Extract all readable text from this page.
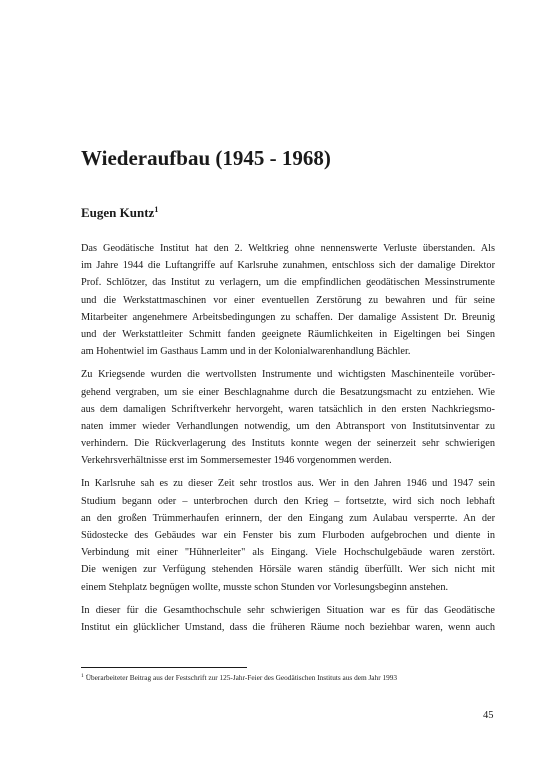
Wiederaufbau (1945 - 1968)
Eugen Kuntz$^1$

Das Geodätische Institut hat den 2. Weltkrieg ohne nennenswerte Verluste überstanden. Als
im Jahre 1944 die Luftangriffe auf Karlsruhe zunahmen, entschloss sich der damalige Direktor
Prof. Schlötzer, das Institut zu verlagern, um die empfindlichen geodätischen Messinstrumente
und die Werkstattmaschinen vor einer eventuellen Zerstörung zu bewahren und für seine
Mitarbeiter angenehmere Arbeitsbedingungen zu schaffen. Der damalige Assistent Dr. Breunig
und der Werkstattleiter Schmitt fanden geeignete Räumlichkeiten in Eigeltingen bei Singen
am Hohentwiel im Gasthaus Lamm und in der Kolonialwarenhandlung Bächler.

Zu Kriegsende wurden die wertvollsten Instrumente und wichtigsten Maschinenteile vorüber-
gehend vergraben, um sie einer Beschlagnahme durch die Besatzungsmacht zu entziehen. Wie
aus dem damaligen Schriftverkehr hervorgeht, waren tatsächlich in den ersten Nachkriegsmo-
naten immer wieder Verhandlungen notwendig, um den Abtransport von Institutsinventar zu
verhindern. Die Rückverlagerung des Instituts konnte wegen der seinerzeit sehr schwierigen
Verkehrsverhältnisse erst im Sommersemester 1946 vorgenommen werden.

In Karlsruhe sah es zu dieser Zeit sehr trostlos aus. Wer in den Jahren 1946 und 1947 sein
Studium begann oder – unterbrochen durch den Krieg – fortsetzte, wird sich noch lebhaft
an den großen Trümmerhaufen erinnern, der den Eingang zum Aulabau versperrte. An der
Südostecke des Gebäudes war ein Fenster bis zum Flurboden aufgebrochen und diente in
Verbindung mit einer "Hühnerleiter" als Eingang. Viele Hochschulgebäude waren zerstört.
Die wenigen zur Verfügung stehenden Hörsäle waren ständig überfüllt. Wer sich nicht mit
einem Stehplatz begnügen wollte, musste schon Stunden vor Vorlesungsbeginn anstehen.

In dieser für die Gesamthochschule sehr schwierigen Situation war es für das Geodätische
Institut ein glücklicher Umstand, dass die früheren Räume noch beziehbar waren, wenn auch

$^1$ Überarbeiteter Beitrag aus der Festschrift zur 125-Jahr-Feier des Geodätischen Instituts aus dem Jahr 1993
45
